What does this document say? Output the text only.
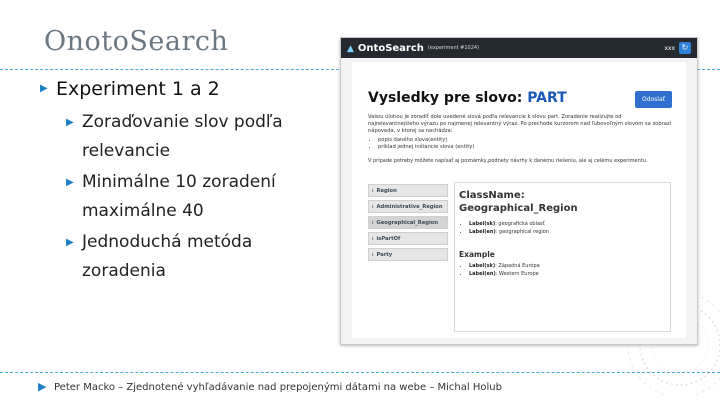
OnotoSearch
▶ Experiment 1 a 2
▶ Zoraďovanie slov podľa relevancie
▶ Minimálne 10 zoradení maximálne 40
▶ Jednoduchá metóda zoradenia
▲ OntoSearch (experiment #1024)	xxx ↻
Vysledky pre slovo: PART	Odoslať
Vašou úlohou je zoradiť dole uvedené slová podľa relevancie k slovu part. Zoradenie realizujte od najrelevantnejšieho výrazu po najmenej relevantný výraz. Po prechode kurzorom nad ľubovoľným slovom sa zobrazí nápoveda, v ktorej sa nachádza:
• popis daného slova(entity)
• príklad jednej inštancie slova (entity)
V prípade potreby môžete napísať aj poznámky,podnety návrhy k danému riešeniu, ale aj celému experimentu.
⁝ Region
⁝ Administrative_Region
⁝ Geographical_Region
⁝ isPartOf
⁝ Party
ClassName:
Geographical_Region
• Label(sk): geografická oblasť
• Label(en): geographical region
Example
• Label(sk): Západná Európa
• Label(en): Western Europe
▶ Peter Macko – Zjednotené vyhľadávanie nad prepojenými dátami na webe – Michal Holub
